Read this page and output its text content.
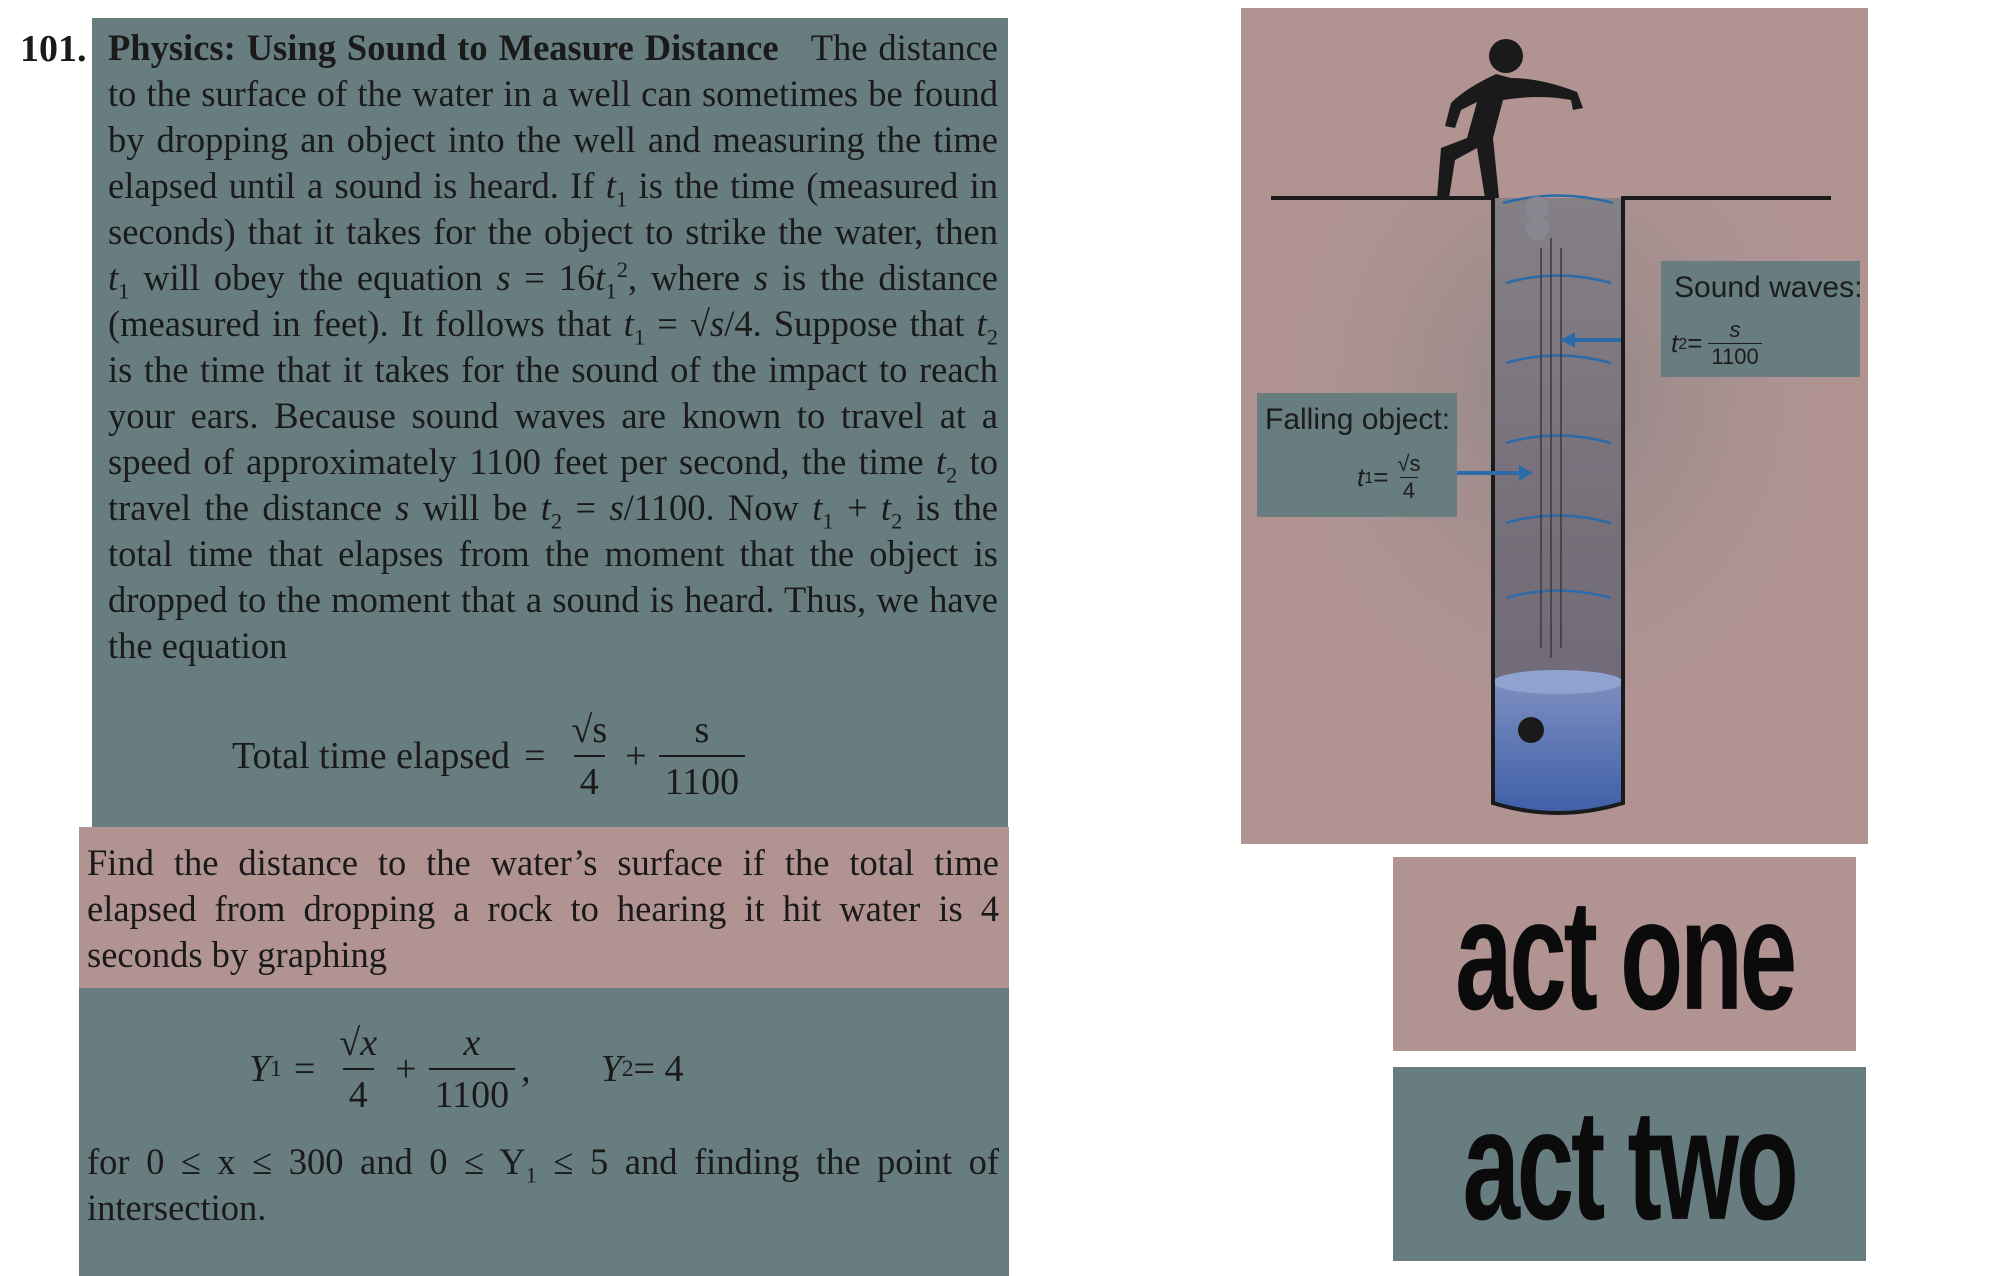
101. Physics: Using Sound to Measure Distance The distance to the surface of the water in a well can sometimes be found by dropping an object into the well and measuring the time elapsed until a sound is heard. If $t_1$ is the time (measured in seconds) that it takes for the object to strike the water, then $t_1$ will obey the equation $s = 16t_1^2$, where s is the distance (measured in feet). It follows that $t_1 = √s/4$. Suppose that $t_2$ is the time that it takes for the sound of the impact to reach your ears. Because sound waves are known to travel at a speed of approximately 1100 feet per second, the time $t_2$ to travel the distance s will be $t_2 = s/1100$. Now $t_1 + t_2$ is the total time that elapses from the moment that the object is dropped to the moment that a sound is heard. Thus, we have the equation
Total time elapsed = $\frac{√s}{4} + \frac{s}{1100}$
Find the distance to the water’s surface if the total time elapsed from dropping a rock to hearing it hit water is 4 seconds by graphing
Y $1 = \frac{√x}{4} + \frac{x}{1100}$ , Y 2 = 4
for 0 ≤ x ≤ 300 and $0 \le Y_1 \le 5$ and finding the point of intersection.
Sound waves:
t $2 = \frac{s}{1100}$
Falling object:
t $1 = \frac{√s}{4}$
act one
act two
